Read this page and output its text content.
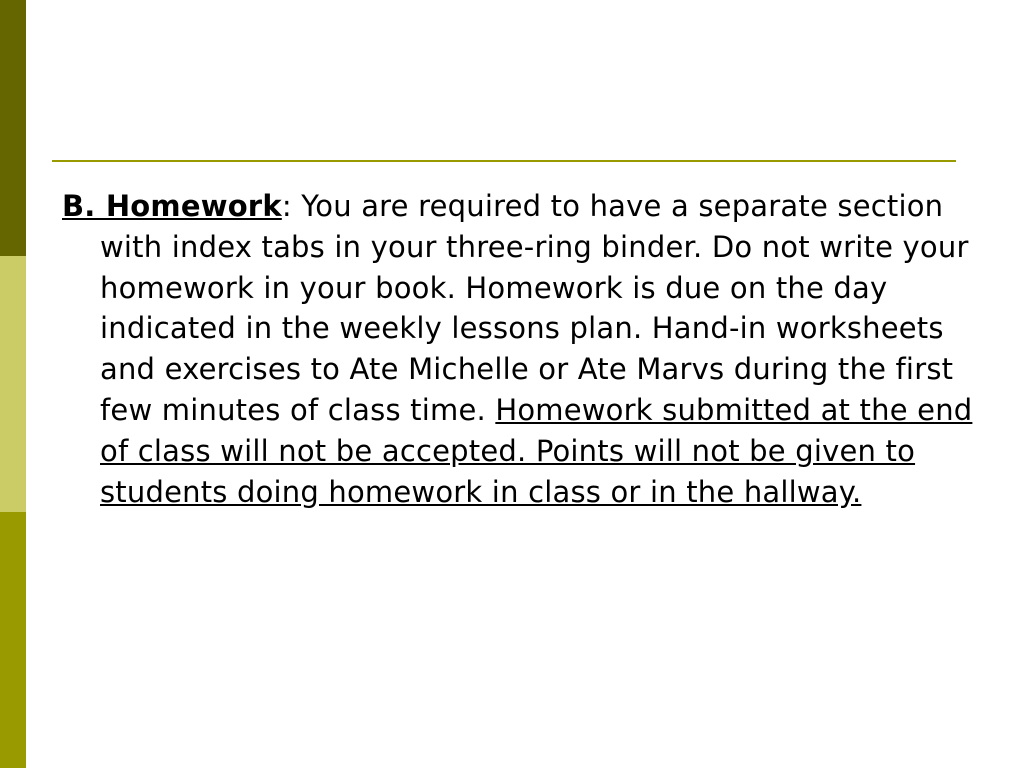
B. Homework: You are required to have a separate section with index tabs in your three-ring binder. Do not write your homework in your book. Homework is due on the day indicated in the weekly lessons plan. Hand-in worksheets and exercises to Ate Michelle or Ate Marvs during the first few minutes of class time. Homework submitted at the end of class will not be accepted. Points will not be given to students doing homework in class or in the hallway.
